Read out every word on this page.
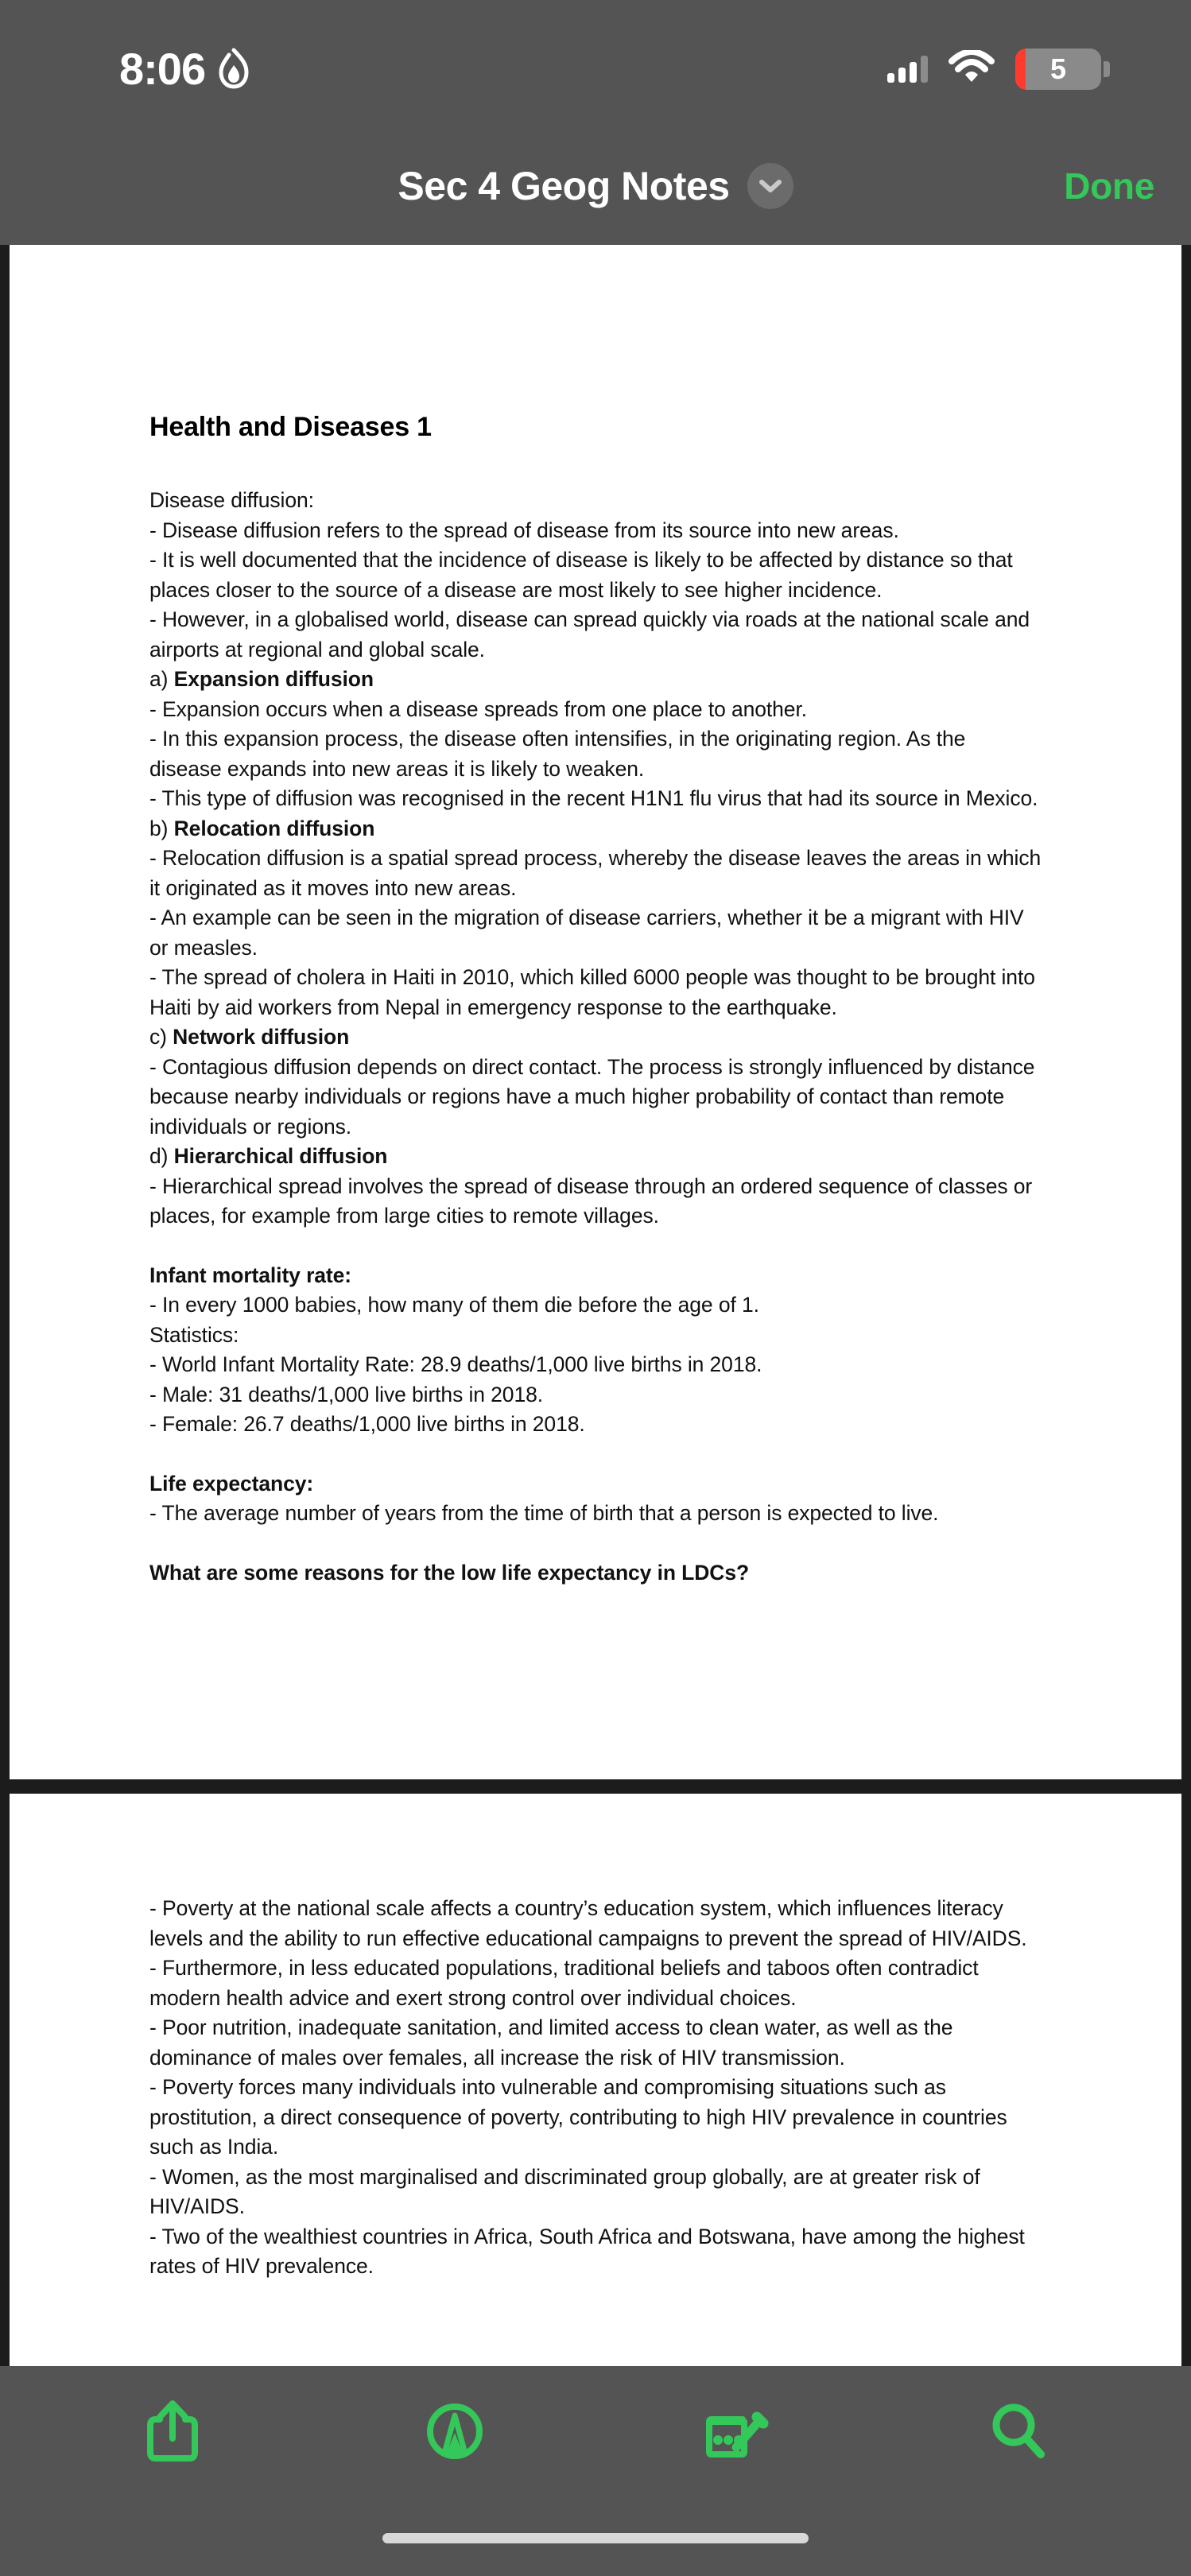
8:06	5
Sec 4 Geog Notes	Done
Health and Diseases 1
Disease diffusion:
- Disease diffusion refers to the spread of disease from its source into new areas.
- It is well documented that the incidence of disease is likely to be affected by distance so that places closer to the source of a disease are most likely to see higher incidence.
- However, in a globalised world, disease can spread quickly via roads at the national scale and airports at regional and global scale.
a) Expansion diffusion
- Expansion occurs when a disease spreads from one place to another.
- In this expansion process, the disease often intensifies, in the originating region. As the disease expands into new areas it is likely to weaken.
- This type of diffusion was recognised in the recent H1N1 flu virus that had its source in Mexico.
b) Relocation diffusion
- Relocation diffusion is a spatial spread process, whereby the disease leaves the areas in which it originated as it moves into new areas.
- An example can be seen in the migration of disease carriers, whether it be a migrant with HIV or measles.
- The spread of cholera in Haiti in 2010, which killed 6000 people was thought to be brought into Haiti by aid workers from Nepal in emergency response to the earthquake.
c) Network diffusion
- Contagious diffusion depends on direct contact. The process is strongly influenced by distance because nearby individuals or regions have a much higher probability of contact than remote individuals or regions.
d) Hierarchical diffusion
- Hierarchical spread involves the spread of disease through an ordered sequence of classes or places, for example from large cities to remote villages.
Infant mortality rate:
- In every 1000 babies, how many of them die before the age of 1.
Statistics:
- World Infant Mortality Rate: 28.9 deaths/1,000 live births in 2018.
- Male: 31 deaths/1,000 live births in 2018.
- Female: 26.7 deaths/1,000 live births in 2018.
Life expectancy:
- The average number of years from the time of birth that a person is expected to live.
What are some reasons for the low life expectancy in LDCs?
- Poverty at the national scale affects a country’s education system, which influences literacy levels and the ability to run effective educational campaigns to prevent the spread of HIV/AIDS.
- Furthermore, in less educated populations, traditional beliefs and taboos often contradict modern health advice and exert strong control over individual choices.
- Poor nutrition, inadequate sanitation, and limited access to clean water, as well as the dominance of males over females, all increase the risk of HIV transmission.
- Poverty forces many individuals into vulnerable and compromising situations such as prostitution, a direct consequence of poverty, contributing to high HIV prevalence in countries such as India.
- Women, as the most marginalised and discriminated group globally, are at greater risk of HIV/AIDS.
- Two of the wealthiest countries in Africa, South Africa and Botswana, have among the highest rates of HIV prevalence.
